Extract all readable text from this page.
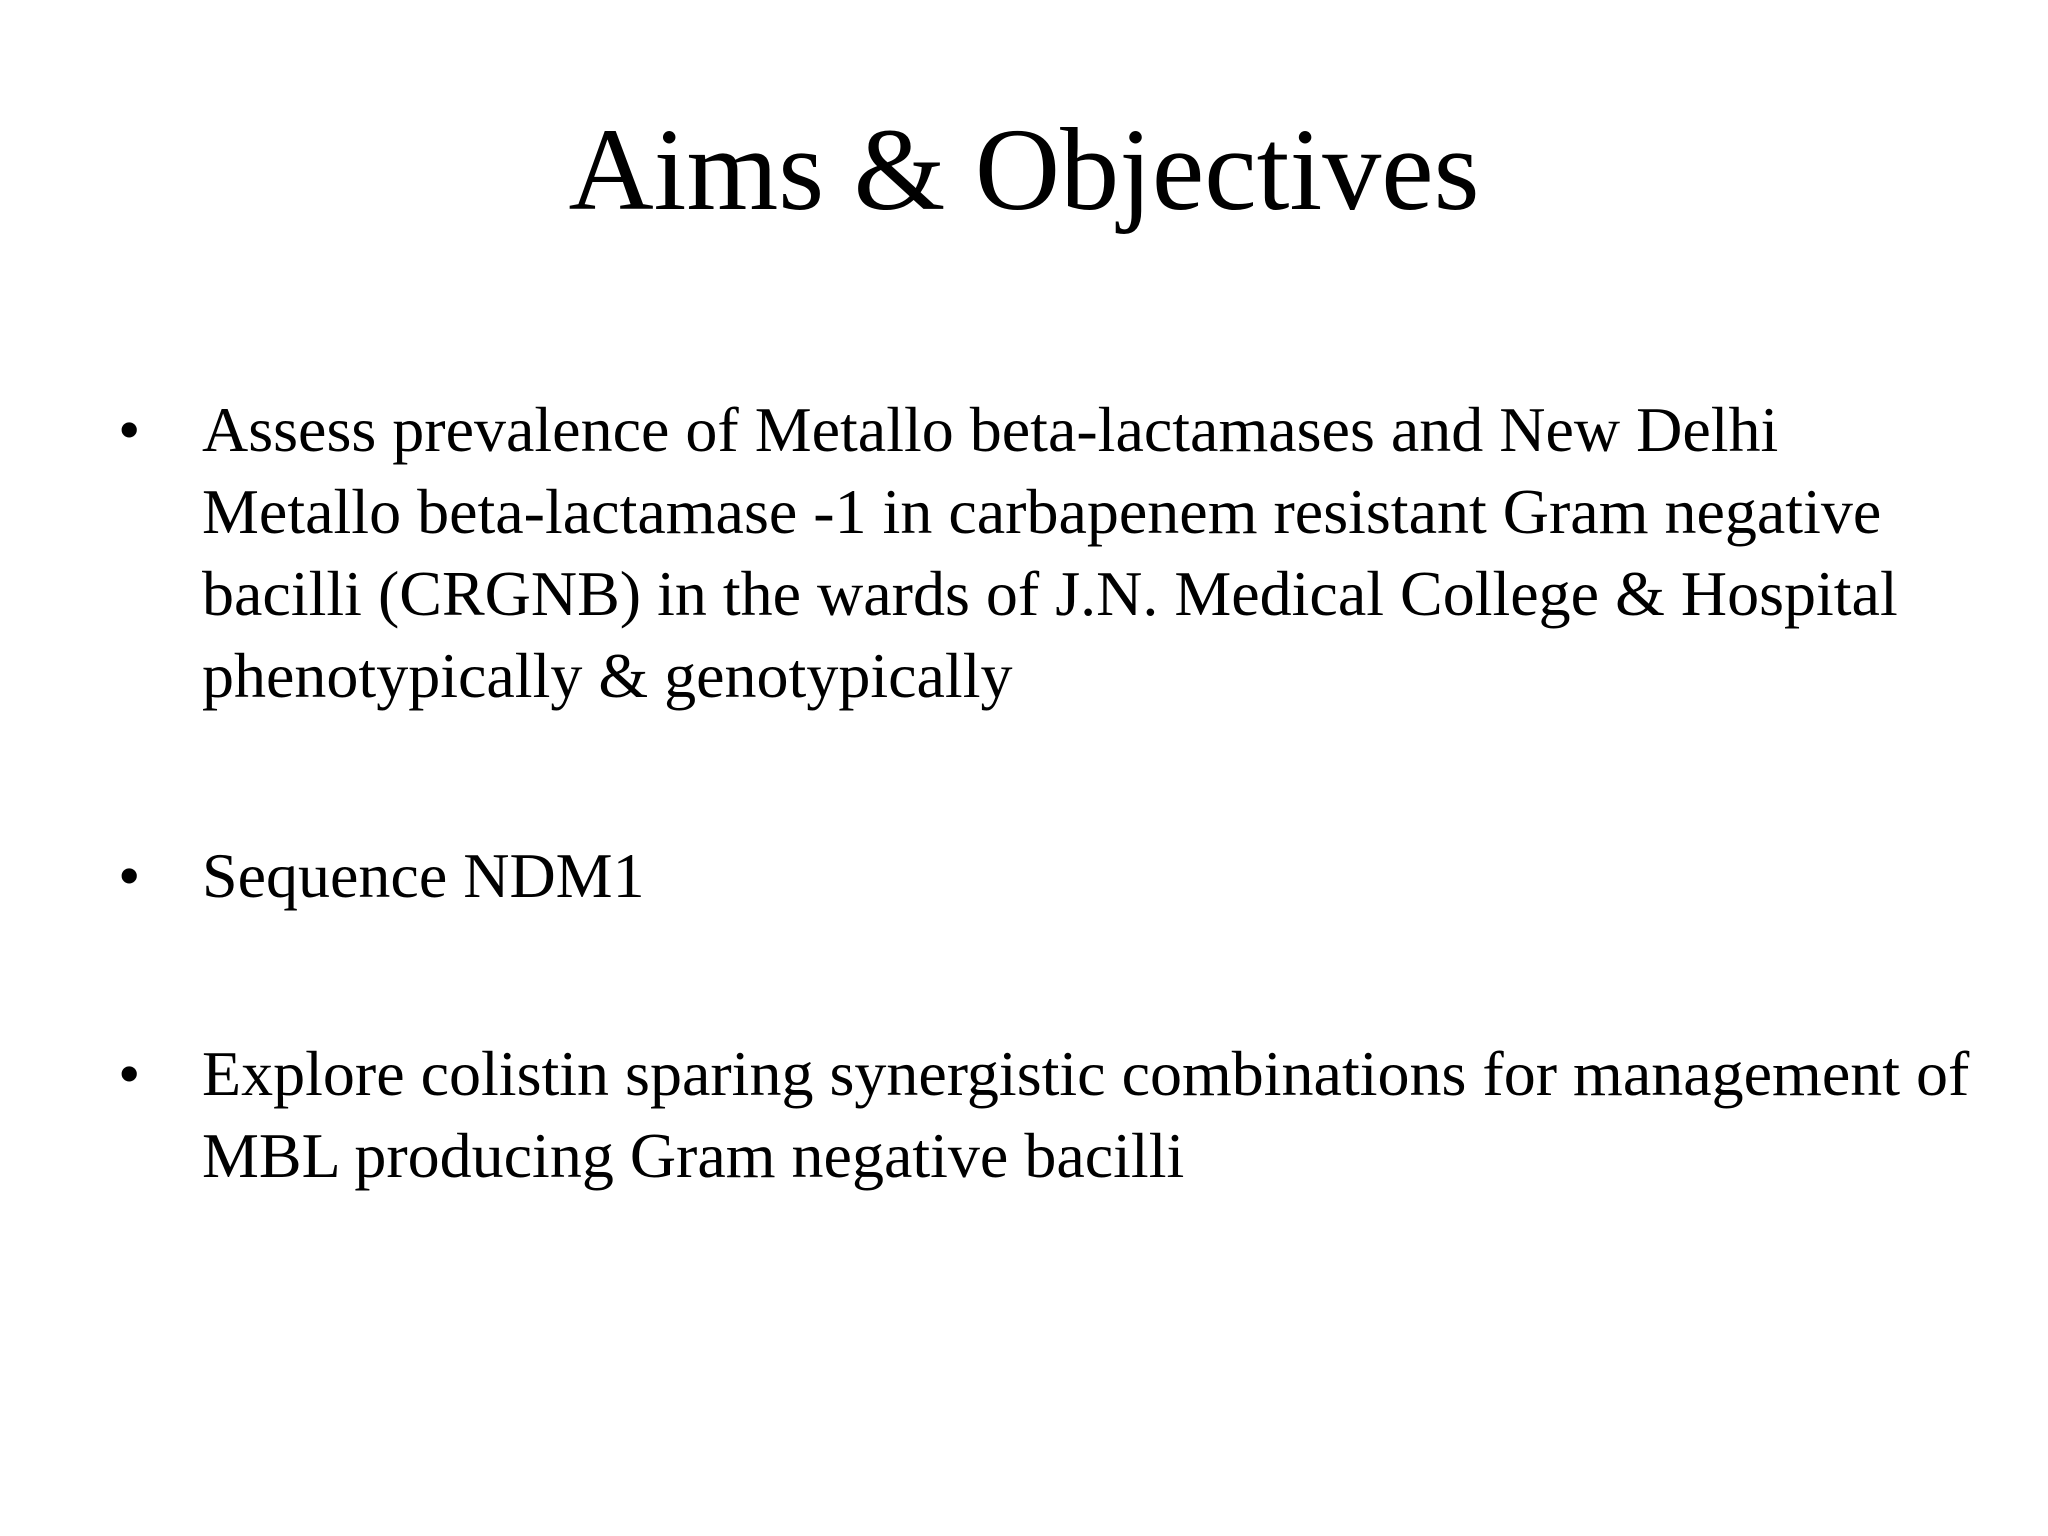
Aims & Objectives
• Assess prevalence of Metallo beta-lactamases and New Delhi Metallo beta-lactamase -1 in carbapenem resistant Gram negative bacilli (CRGNB) in the wards of J.N. Medical College & Hospital phenotypically & genotypically
• Sequence NDM1
• Explore colistin sparing synergistic combinations for management of MBL producing Gram negative bacilli
